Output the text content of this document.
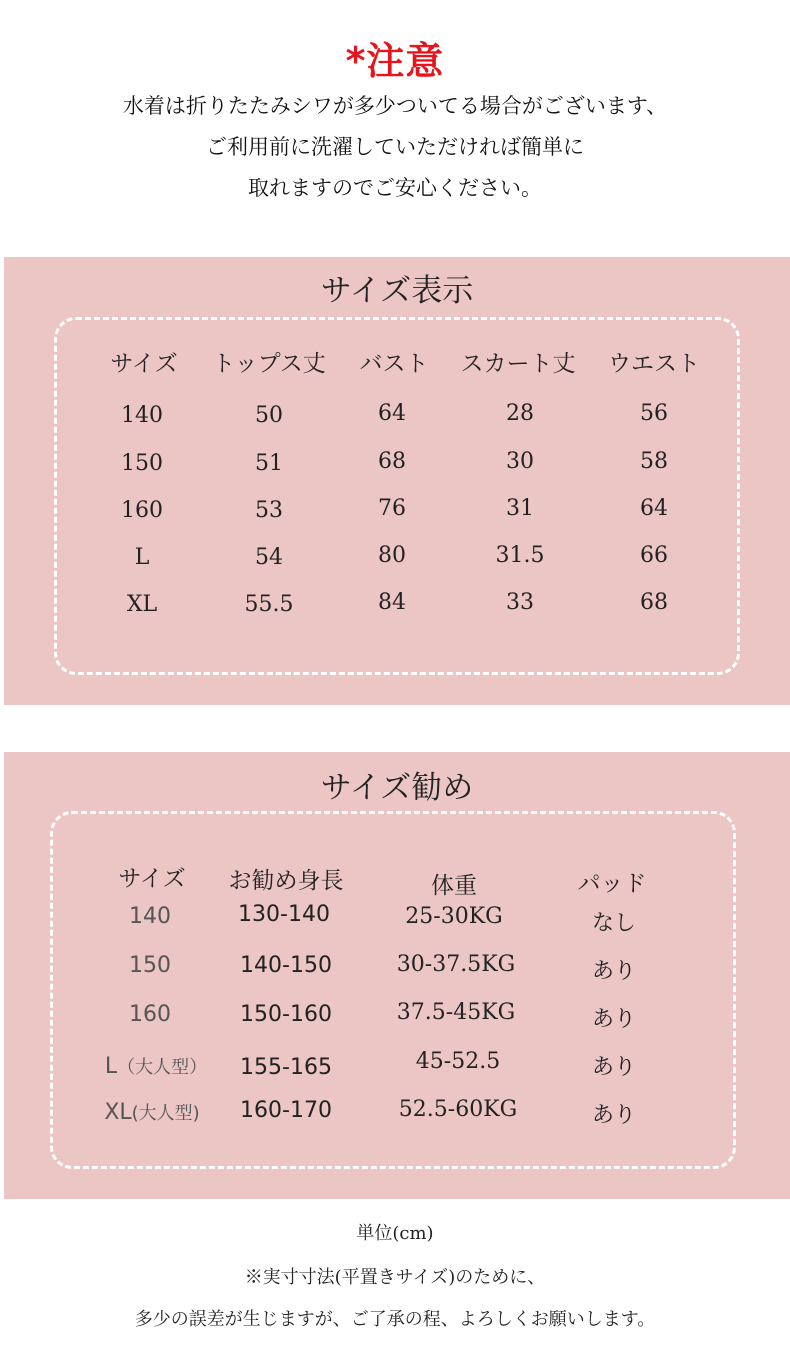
*注意
水着は折りたたみシワが多少ついてる場合がございます、
ご利用前に洗濯していただければ簡単に
取れますのでご安心ください。
サイズ表示
サイズ トップス丈 バスト スカート丈 ウエスト
140	50	64	28	56
150	51	68	30	58
160	53	76	31	64
L	54	80	31.5	66
XL	55.5	84	33	68
サイズ勧め
サイズ お勧め身長	体重	パッド
140	130-140	25-30KG	なし
150	140-150	30-37.5KG	あり
160	150-160	37.5-45KG	あり
L（大人型） 155-165	45-52.5	あり
XL(大人型) 160-170	52.5-60KG	あり
単位(cm)
※実寸寸法(平置きサイズ)のために、
多少の誤差が生じますが、ご了承の程、よろしくお願いします。
